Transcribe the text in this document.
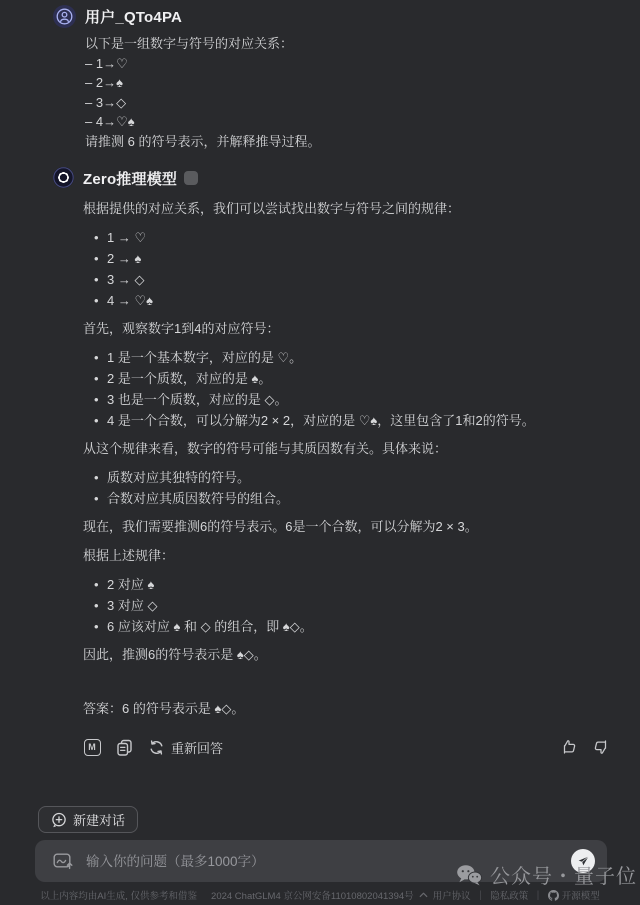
用户_QTo4PA

以下是一组数字与符号的对应关系：

– 1→♡

– 2→♠

– 3→◇

– 4→♡♠

请推测 6 的符号表示，并解释推导过程。

Zero推理模型

根据提供的对应关系，我们可以尝试找出数字与符号之间的规律：

• 1 → ♡
• 2 → ♠
• 3 → ◇
• 4 → ♡♠

首先，观察数字1到4的对应符号：

• 1 是一个基本数字，对应的是 ♡。
• 2 是一个质数，对应的是 ♠。
• 3 也是一个质数，对应的是 ◇。
• 4 是一个合数，可以分解为2 × 2，对应的是 ♡♠，这里包含了1和2的符号。

从这个规律来看，数字的符号可能与其质因数有关。具体来说：

• 质数对应其独特的符号。
• 合数对应其质因数符号的组合。

现在，我们需要推测6的符号表示。6是一个合数，可以分解为2 × 3。

根据上述规律：

• 2 对应 ♠
• 3 对应 ◇
• 6 应该对应 ♠ 和 ◇ 的组合，即 ♠◇。

因此，推测6的符号表示是 ♠◇。

答案：6 的符号表示是 ♠◇。

M	重新回答
新建对话
输入你的问题（最多1000字）
公众号・量子位
以上内容均由AI生成, 仅供参考和借鉴 2024 ChatGLM4 京公网安备11010802041394号 用户协议 ｜ 隐私政策 ｜ 开源模型
